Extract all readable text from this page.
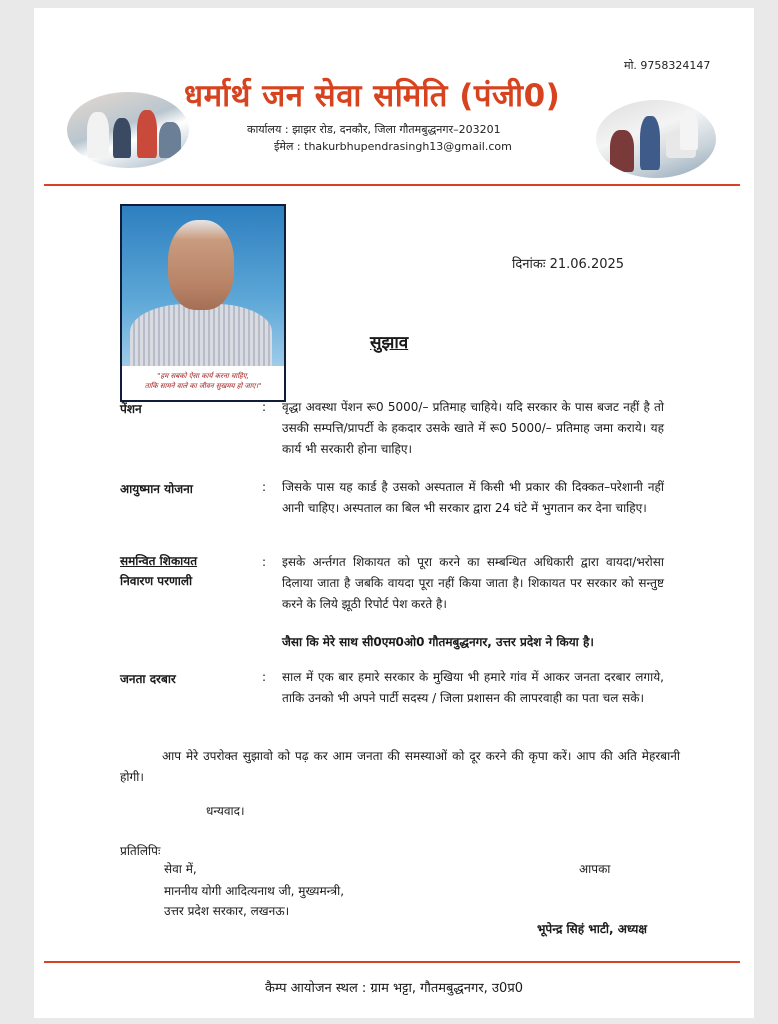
मो. 9758324147
धर्मार्थ जन सेवा समिति (पंजी0)
कार्यालय : झाझर रोड, दनकौर, जिला गौतमबुद्धनगर–203201
ईमेल : thakurbhupendrasingh13@gmail.com
"हम सबको ऐसा कार्य करना चाहिए,
ताकि सामने वाले का जीवन सुखमय हो जाए।"
दिनांकः 21.06.2025
सुझाव
पेंशन	: वृद्धा अवस्था पेंशन रू0 5000/– प्रतिमाह चाहिये। यदि सरकार के पास बजट नहीं है तो उसकी सम्पत्ति/प्रापर्टी के हकदार उसके खाते में रू0 5000/– प्रतिमाह जमा कराये। यह कार्य भी सरकारी होना चाहिए।
आयुष्मान योजना	: जिसके पास यह कार्ड है उसको अस्पताल में किसी भी प्रकार की दिक्कत–परेशानी नहीं आनी चाहिए। अस्पताल का बिल भी सरकार द्वारा 24 घंटे में भुगतान कर देना चाहिए।
समन्वित शिकायत
निवारण परणाली
: इसके अर्न्तगत शिकायत को पूरा करने का सम्बन्धित अधिकारी द्वारा वायदा/भरोसा दिलाया जाता है जबकि वायदा पूरा नहीं किया जाता है। शिकायत पर सरकार को सन्तुष्ट करने के लिये झूठी रिपोर्ट पेश करते है।
जैसा कि मेरे साथ सी0एम0ओ0 गौतमबुद्धनगर, उत्तर प्रदेश ने किया है।
जनता दरबार	: साल में एक बार हमारे सरकार के मुखिया भी हमारे गांव में आकर जनता दरबार लगाये, ताकि उनको भी अपने पार्टी सदस्य / जिला प्रशासन की लापरवाही का पता चल सके।
आप मेरे उपरोक्त सुझावो को पढ़ कर आम जनता की समस्याओं को दूर करने की कृपा करें। आप की अति मेहरबानी होगी।
धन्यवाद।
प्रतिलिपिः
सेवा में,
माननीय योगी आदित्यनाथ जी, मुख्यमन्त्री,
उत्तर प्रदेश सरकार, लखनऊ।
आपका
भूपेन्द्र सिहं भाटी, अध्यक्ष
कैम्प आयोजन स्थल : ग्राम भट्टा, गौतमबुद्धनगर, उ0प्र0
